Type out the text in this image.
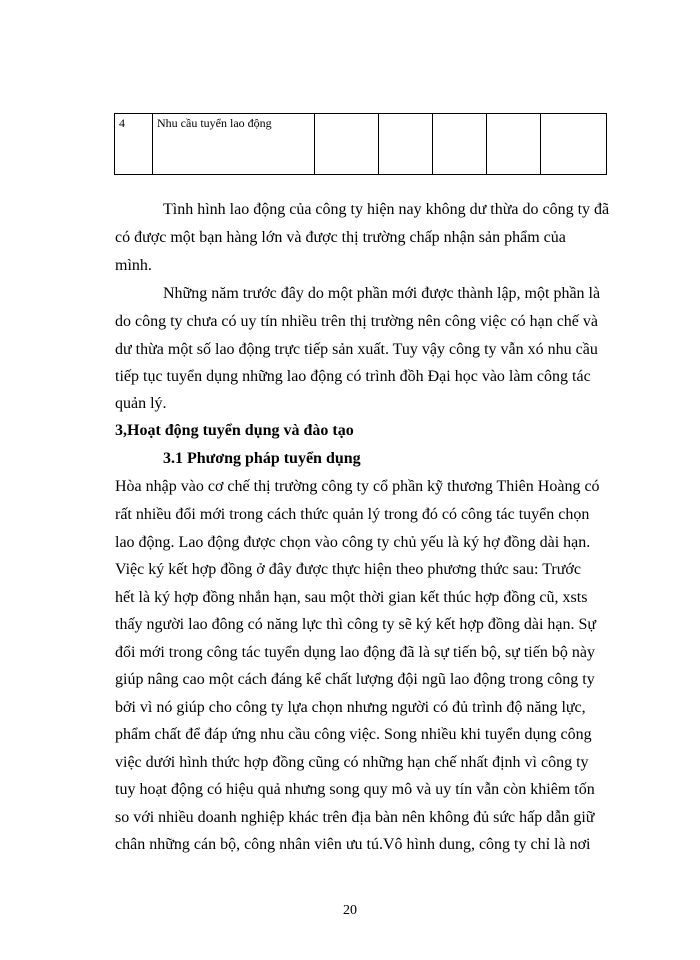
4	Nhu cầu tuyển lao động					
Tình hình lao động của công ty hiện nay không dư thừa do công ty đã
có được một bạn hàng lớn và được thị trường chấp nhận sản phẩm của
mình.
Những năm trước đây do một phần mới được thành lập, một phần là
do công ty chưa có uy tín nhiều trên thị trường nên công việc có hạn chế và
dư thừa một số lao động trực tiếp sản xuất. Tuy vậy công ty vẫn xó nhu cầu
tiếp tục tuyển dụng những lao động có trình đồh Đại học vào làm công tác
quản lý.
3,Hoạt động tuyển dụng và đào tạo
3.1 Phương pháp tuyển dụng
Hòa nhập vào cơ chế thị trường công ty cổ phần kỹ thương Thiên Hoàng có
rất nhiều đổi mới trong cách thức quản lý trong đó có công tác tuyển chọn
lao động. Lao động được chọn vào công ty chủ yếu là ký hợ đồng dài hạn.
Việc ký kết hợp đồng ở đây được thực hiện theo phương thức sau: Trước
hết là ký hợp đồng nhắn hạn, sau một thời gian kết thúc hợp đồng cũ, xsts
thấy người lao đông có năng lực thì công ty sẽ ký kết hợp đồng dài hạn. Sự
đổi mới trong công tác tuyển dụng lao động đã là sự tiến bộ, sự tiến bộ này
giúp nâng cao một cách đáng kể chất lượng đội ngũ lao động trong công ty
bởi vì nó giúp cho công ty lựa chọn nhưng người có đủ trình độ năng lực,
phẩm chất để đáp ứng nhu cầu công việc. Song nhiều khi tuyển dụng công
việc dưới hình thức hợp đồng cũng có những hạn chế nhất định vì công ty
tuy hoạt động có hiệu quả nhưng song quy mô và uy tín vẫn còn khiêm tốn
so với nhiều doanh nghiệp khác trên địa bàn nên không đủ sức hấp dẫn giữ
chân những cán bộ, công nhân viên ưu tú.Vô hình dung, công ty chỉ là nơi
20
